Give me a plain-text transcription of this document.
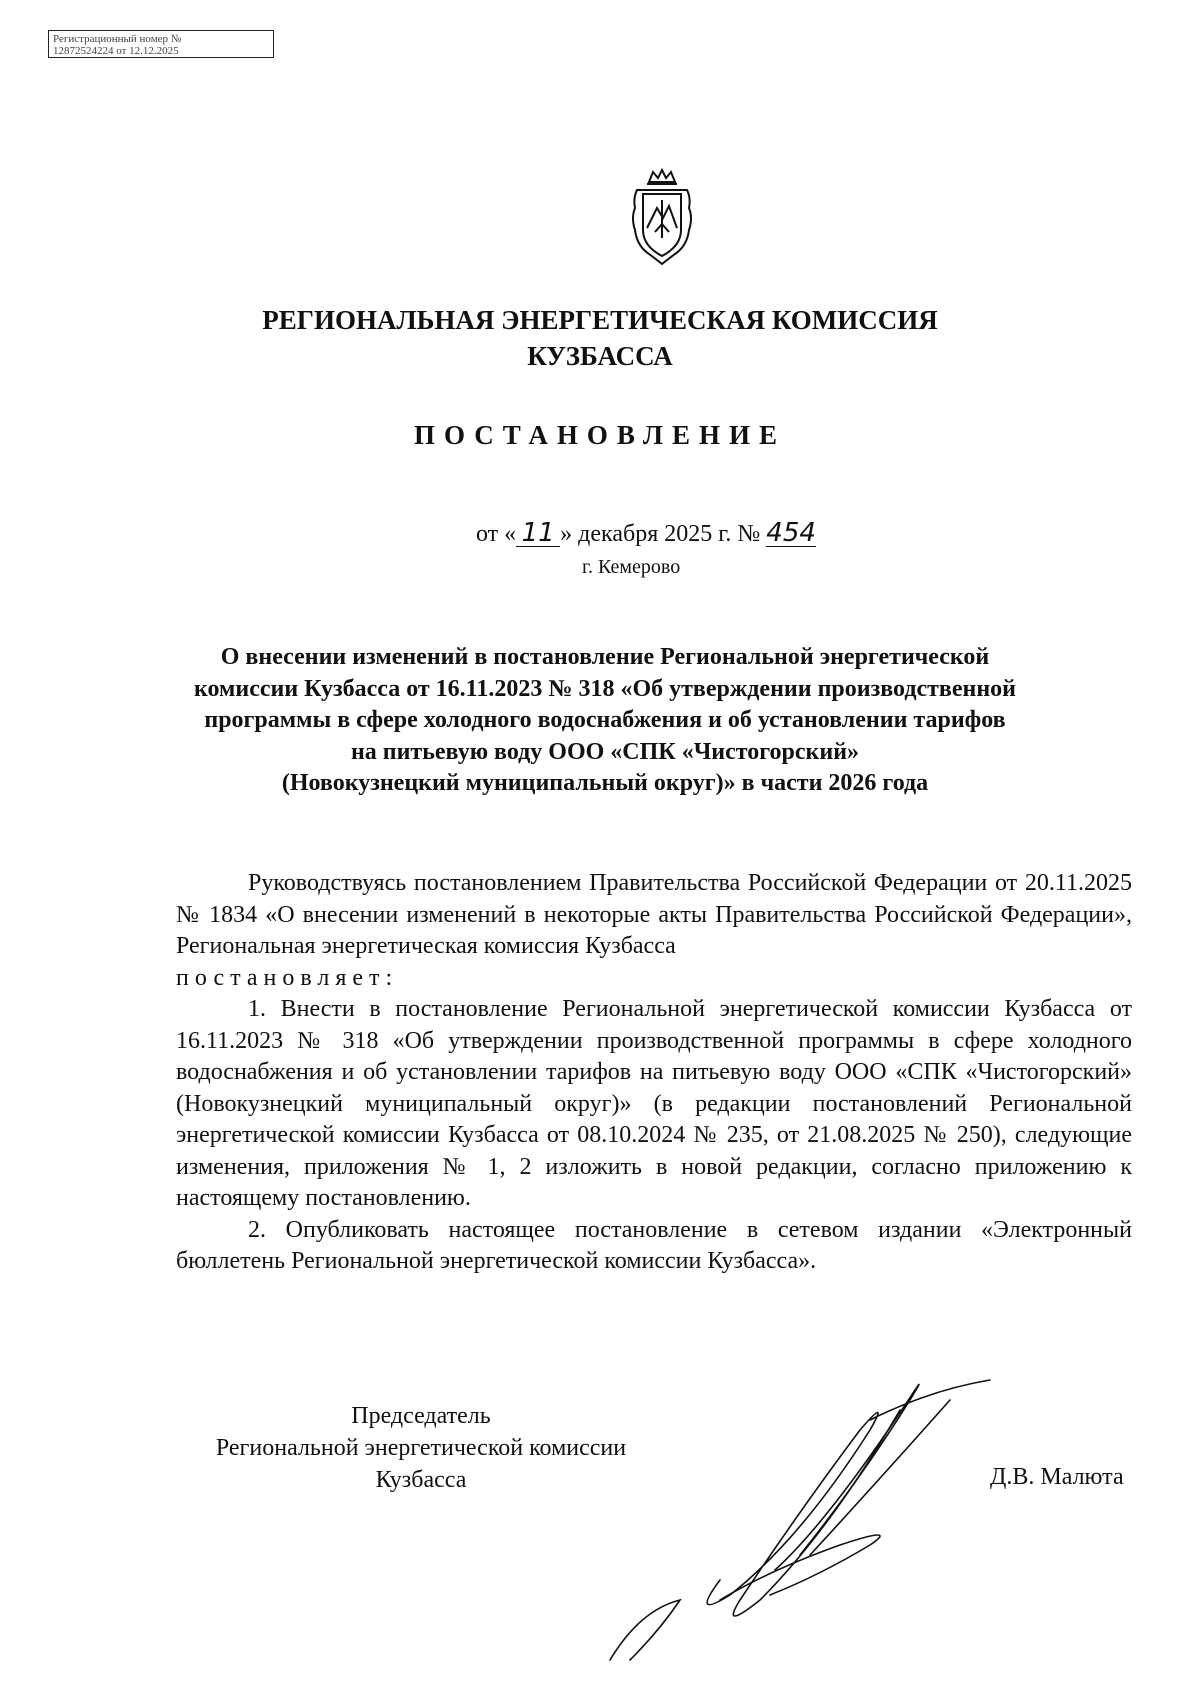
Регистрационный номер №
12872524224 от 12.12.2025
РЕГИОНАЛЬНАЯ ЭНЕРГЕТИЧЕСКАЯ КОМИССИЯ
КУЗБАССА
ПОСТАНОВЛЕНИЕ
от « 11 » декабря 2025 г. № 454
г. Кемерово
О внесении изменений в постановление Региональной энергетической
комиссии Кузбасса от 16.11.2023 № 318 «Об утверждении производственной
программы в сфере холодного водоснабжения и об установлении тарифов
на питьевую воду ООО «СПК «Чистогорский»
(Новокузнецкий муниципальный округ)» в части 2026 года

Руководствуясь постановлением Правительства Российской Федерации от 20.11.2025 № 1834 «О внесении изменений в некоторые акты Правительства Российской Федерации», Региональная энергетическая комиссия Кузбасса

постановляет:

1. Внести в постановление Региональной энергетической комиссии Кузбасса от 16.11.2023 № 318 «Об утверждении производственной программы в сфере холодного водоснабжения и об установлении тарифов на питьевую воду ООО «СПК «Чистогорский» (Новокузнецкий муниципальный округ)» (в редакции постановлений Региональной энергетической комиссии Кузбасса от 08.10.2024 № 235, от 21.08.2025 № 250), следующие изменения, приложения № 1, 2 изложить в новой редакции, согласно приложению к настоящему постановлению.

2. Опубликовать настоящее постановление в сетевом издании «Электронный бюллетень Региональной энергетической комиссии Кузбасса».

Председатель
Региональной энергетической комиссии
Кузбасса	Д.В. Малюта
